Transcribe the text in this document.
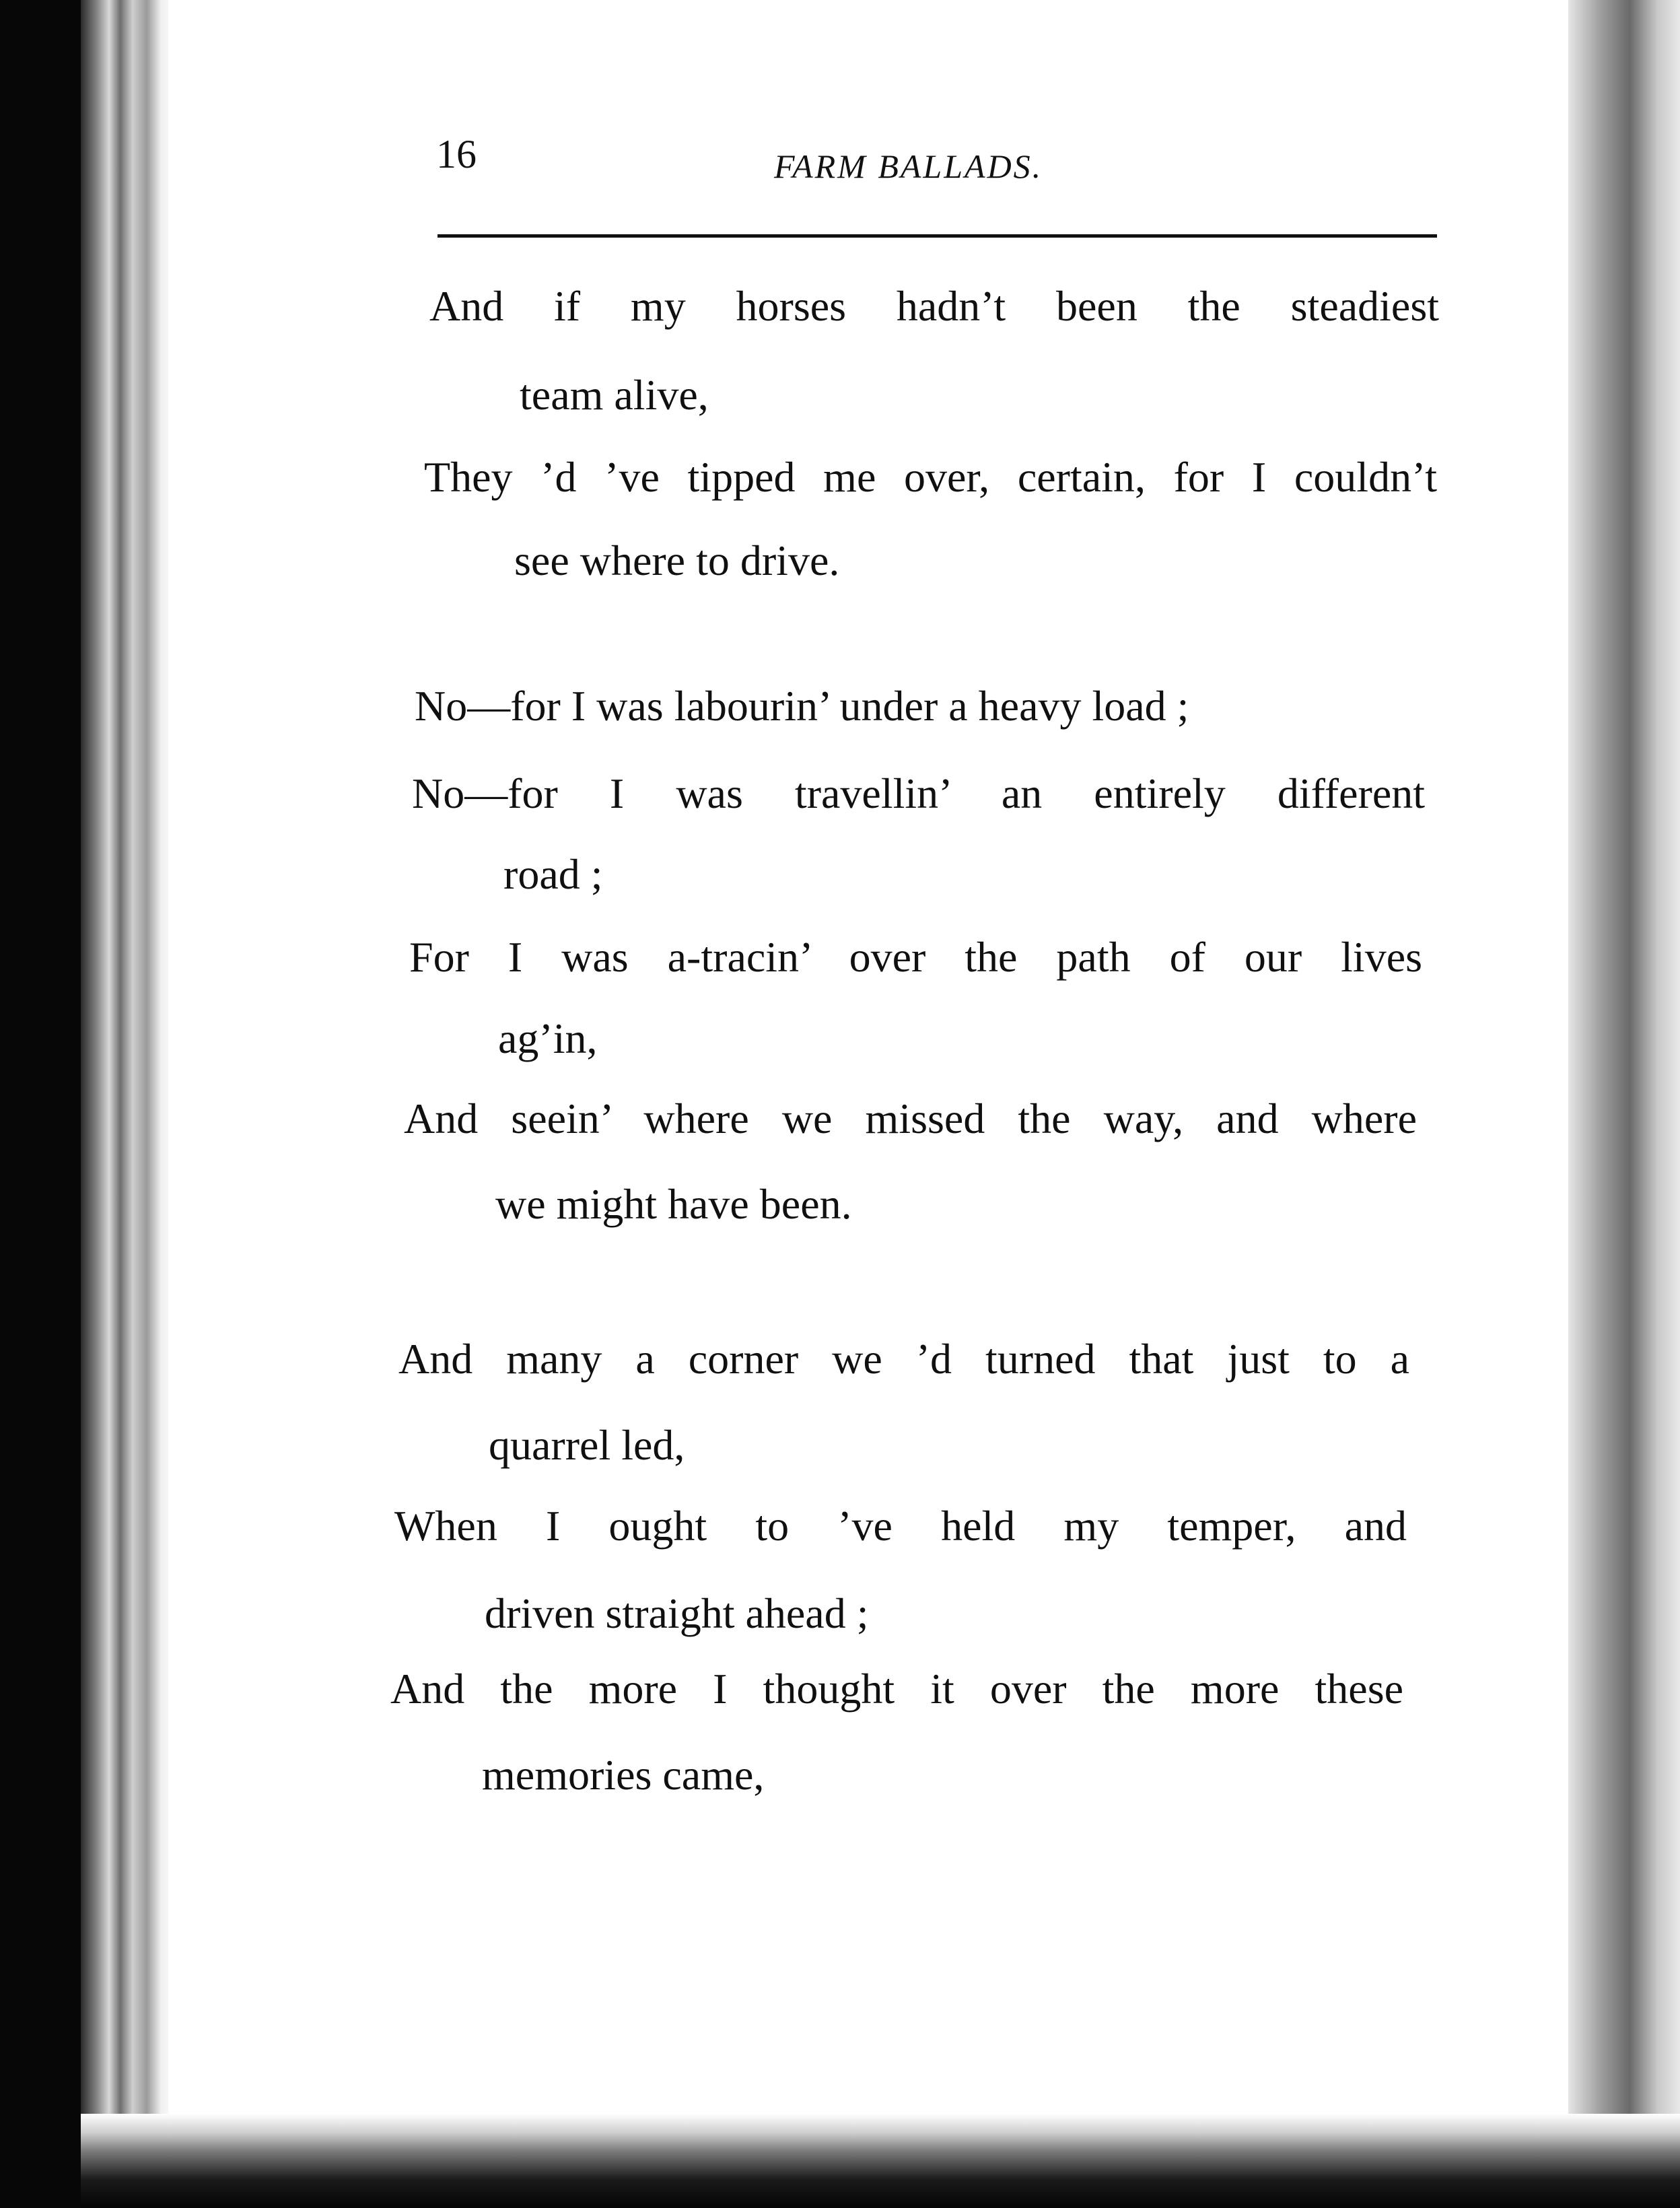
16	FARM BALLADS.
And if my horses hadn’t been the steadiest
team alive,
They ’d ’ve tipped me over, certain, for I couldn’t
see where to drive.
No—for I was labourin’ under a heavy load ;
No—for I was travellin’ an entirely different
road ;
For I was a-tracin’ over the path of our lives
ag’in,
And seein’ where we missed the way, and where
we might have been.
And many a corner we ’d turned that just to a
quarrel led,
When I ought to ’ve held my temper, and
driven straight ahead ;
And the more I thought it over the more these
memories came,
